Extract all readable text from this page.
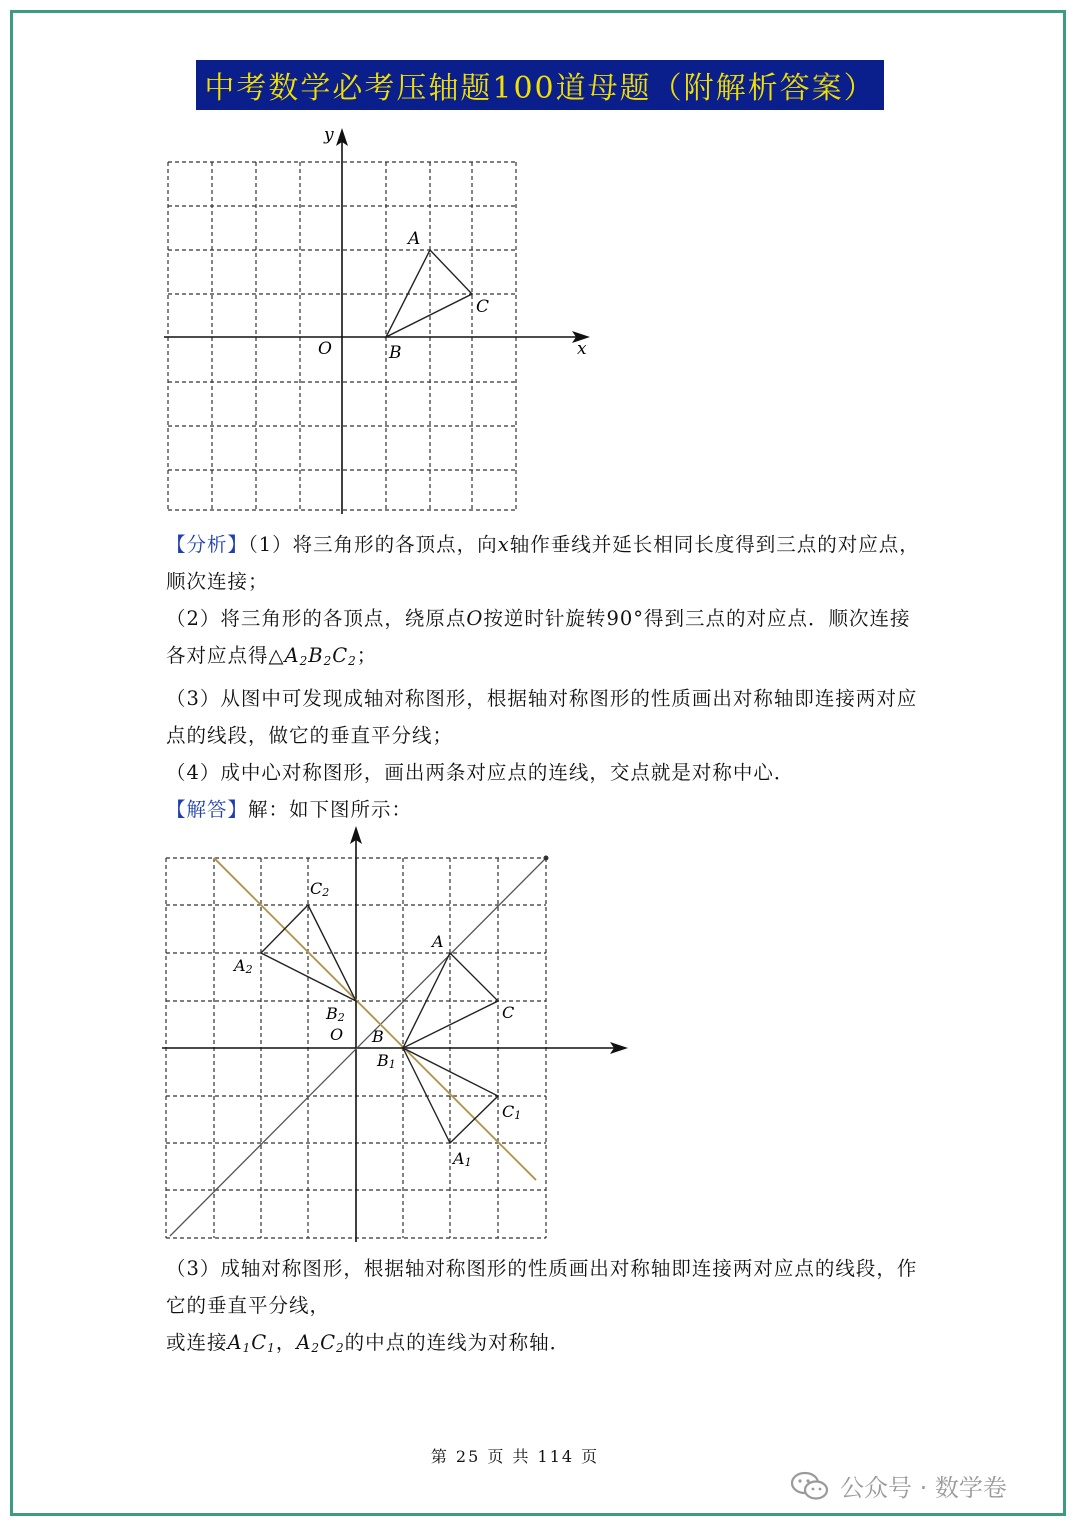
中考数学必考压轴题100道母题（附解析答案）
y
x
O
A
B
C
【分析】（1）将三角形的各顶点，向x轴作垂线并延长相同长度得到三点的对应点，顺次连接；
（2）将三角形的各顶点，绕原点O按逆时针旋转90°得到三点的对应点．顺次连接各对应点得$\triangle A_2B_2C_2$；
（3）从图中可发现成轴对称图形，根据轴对称图形的性质画出对称轴即连接两对应点的线段，做它的垂直平分线；
（4）成中心对称图形，画出两条对应点的连线，交点就是对称中心．
【解答】解：如下图所示：
C2
A2
B2
O B
B1
A
C
C1
A1
（3）成轴对称图形，根据轴对称图形的性质画出对称轴即连接两对应点的线段，作它的垂直平分线，
或连接$A_1C_1$，$A_2C_2$的中点的连线为对称轴．
第 25 页 共 114 页
公众号 · 数学卷
